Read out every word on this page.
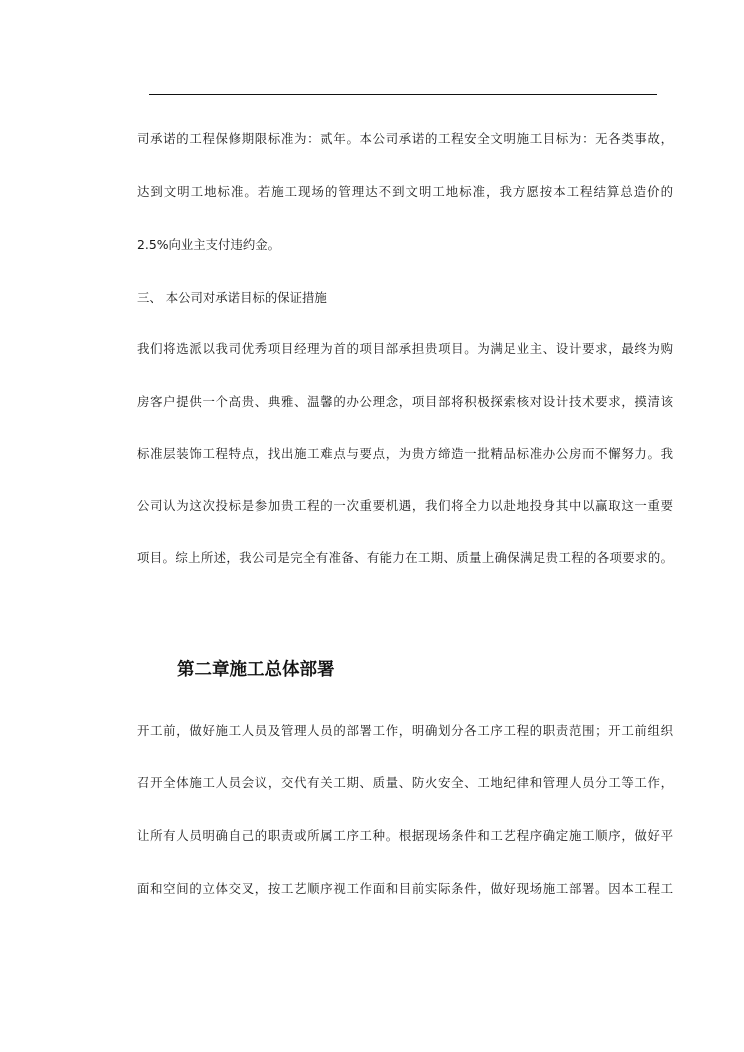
司承诺的工程保修期限标准为：贰年。本公司承诺的工程安全文明施工目标为：无各类事故，
达到文明工地标准。若施工现场的管理达不到文明工地标准，我方愿按本工程结算总造价的
2.5%向业主支付违约金。
三、 本公司对承诺目标的保证措施
我们将选派以我司优秀项目经理为首的项目部承担贵项目。为满足业主、设计要求，最终为购
房客户提供一个高贵、典雅、温馨的办公理念，项目部将积极探索核对设计技术要求，摸清该
标准层装饰工程特点，找出施工难点与要点，为贵方缔造一批精品标准办公房而不懈努力。我
公司认为这次投标是参加贵工程的一次重要机遇，我们将全力以赴地投身其中以赢取这一重要
项目。综上所述，我公司是完全有准备、有能力在工期、质量上确保满足贵工程的各项要求的。
第二章施工总体部署
开工前，做好施工人员及管理人员的部署工作，明确划分各工序工程的职责范围；开工前组织
召开全体施工人员会议，交代有关工期、质量、防火安全、工地纪律和管理人员分工等工作，
让所有人员明确自己的职责或所属工序工种。根据现场条件和工艺程序确定施工顺序，做好平
面和空间的立体交叉，按工艺顺序视工作面和目前实际条件，做好现场施工部署。因本工程工
